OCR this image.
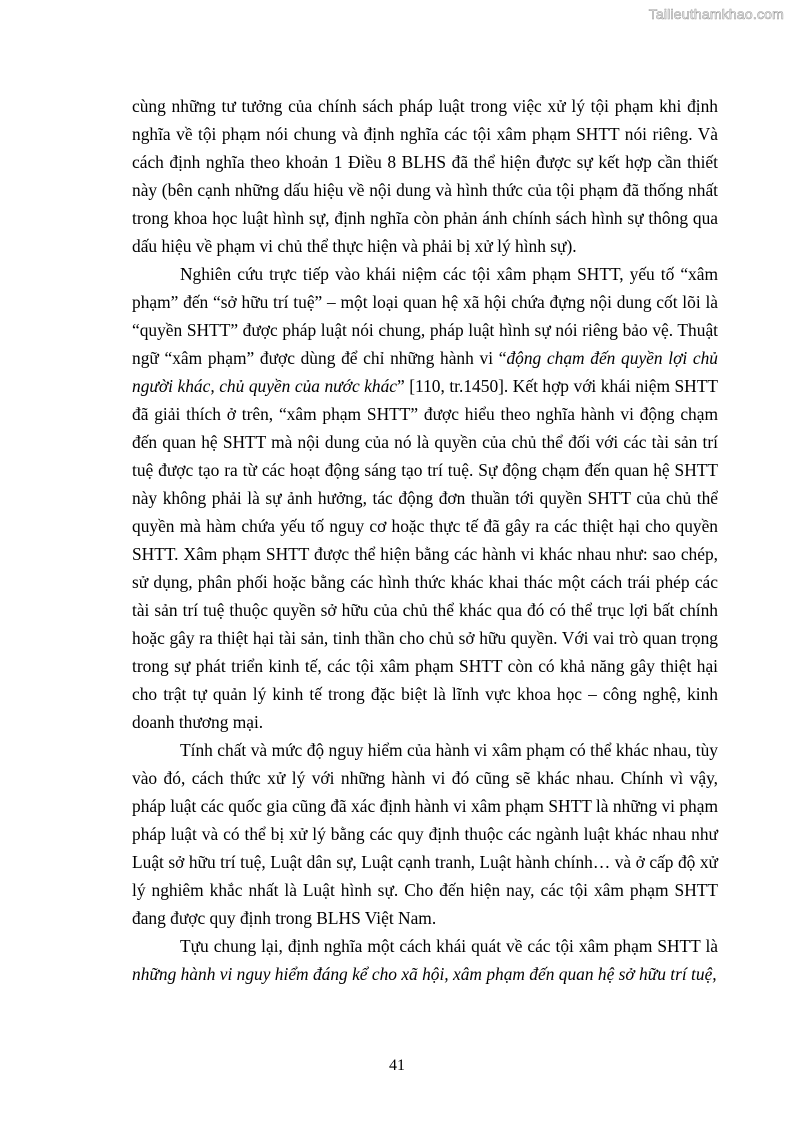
Tailieuthamkhao.com

cùng những tư tưởng của chính sách pháp luật trong việc xử lý tội phạm khi định nghĩa về tội phạm nói chung và định nghĩa các tội xâm phạm SHTT nói riêng. Và cách định nghĩa theo khoản 1 Điều 8 BLHS đã thể hiện được sự kết hợp cần thiết này (bên cạnh những dấu hiệu về nội dung và hình thức của tội phạm đã thống nhất trong khoa học luật hình sự, định nghĩa còn phản ánh chính sách hình sự thông qua dấu hiệu về phạm vi chủ thể thực hiện và phải bị xử lý hình sự).

Nghiên cứu trực tiếp vào khái niệm các tội xâm phạm SHTT, yếu tố “xâm phạm” đến “sở hữu trí tuệ” – một loại quan hệ xã hội chứa đựng nội dung cốt lõi là “quyền SHTT” được pháp luật nói chung, pháp luật hình sự nói riêng bảo vệ. Thuật ngữ “xâm phạm” được dùng để chỉ những hành vi “động chạm đến quyền lợi chủ người khác, chủ quyền của nước khác” [110, tr.1450]. Kết hợp với khái niệm SHTT đã giải thích ở trên, “xâm phạm SHTT” được hiểu theo nghĩa hành vi động chạm đến quan hệ SHTT mà nội dung của nó là quyền của chủ thể đối với các tài sản trí tuệ được tạo ra từ các hoạt động sáng tạo trí tuệ. Sự động chạm đến quan hệ SHTT này không phải là sự ảnh hưởng, tác động đơn thuần tới quyền SHTT của chủ thể quyền mà hàm chứa yếu tố nguy cơ hoặc thực tế đã gây ra các thiệt hại cho quyền SHTT. Xâm phạm SHTT được thể hiện bằng các hành vi khác nhau như: sao chép, sử dụng, phân phối hoặc bằng các hình thức khác khai thác một cách trái phép các tài sản trí tuệ thuộc quyền sở hữu của chủ thể khác qua đó có thể trục lợi bất chính hoặc gây ra thiệt hại tài sản, tinh thần cho chủ sở hữu quyền. Với vai trò quan trọng trong sự phát triển kinh tế, các tội xâm phạm SHTT còn có khả năng gây thiệt hại cho trật tự quản lý kinh tế trong đặc biệt là lĩnh vực khoa học – công nghệ, kinh doanh thương mại.

Tính chất và mức độ nguy hiểm của hành vi xâm phạm có thể khác nhau, tùy vào đó, cách thức xử lý với những hành vi đó cũng sẽ khác nhau. Chính vì vậy, pháp luật các quốc gia cũng đã xác định hành vi xâm phạm SHTT là những vi phạm pháp luật và có thể bị xử lý bằng các quy định thuộc các ngành luật khác nhau như Luật sở hữu trí tuệ, Luật dân sự, Luật cạnh tranh, Luật hành chính… và ở cấp độ xử lý nghiêm khắc nhất là Luật hình sự. Cho đến hiện nay, các tội xâm phạm SHTT đang được quy định trong BLHS Việt Nam.

Tựu chung lại, định nghĩa một cách khái quát về các tội xâm phạm SHTT là những hành vi nguy hiểm đáng kể cho xã hội, xâm phạm đến quan hệ sở hữu trí tuệ,

41
